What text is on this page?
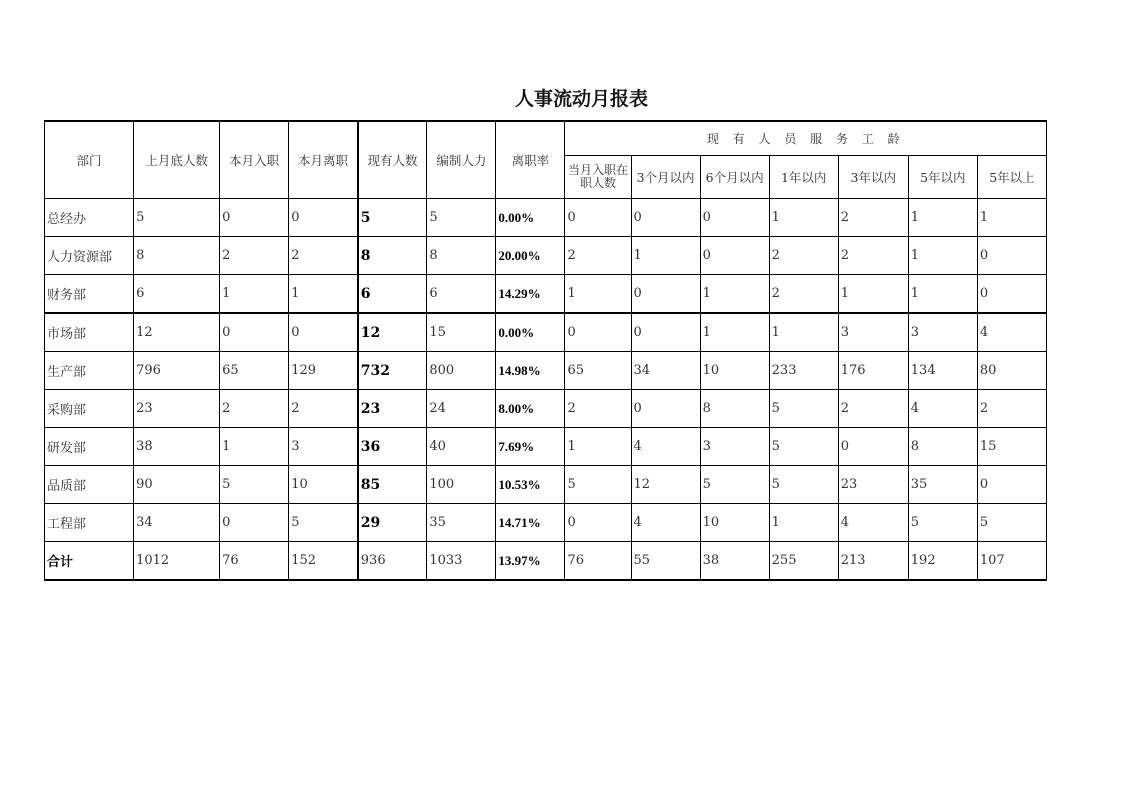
人事流动月报表
部门	上月底人数	本月入职	本月离职	现有人数	编制人力	离职率	现 有 人 员 服 务 工 龄						
							当月入职在职人数	3个月以内	6个月以内	1年以内	3年以内	5年以内	5年以上
总经办	5	0	0	5	5	0.00%	0	0	0	1	2	1	1
人力资源部	8	2	2	8	8	20.00%	2	1	0	2	2	1	0
财务部	6	1	1	6	6	14.29%	1	0	1	2	1	1	0
市场部	12	0	0	12	15	0.00%	0	0	1	1	3	3	4
生产部	796	65	129	732	800	14.98%	65	34	10	233	176	134	80
采购部	23	2	2	23	24	8.00%	2	0	8	5	2	4	2
研发部	38	1	3	36	40	7.69%	1	4	3	5	0	8	15
品质部	90	5	10	85	100	10.53%	5	12	5	5	23	35	0
工程部	34	0	5	29	35	14.71%	0	4	10	1	4	5	5
合计	1012	76	152	936	1033	13.97%	76	55	38	255	213	192	107
